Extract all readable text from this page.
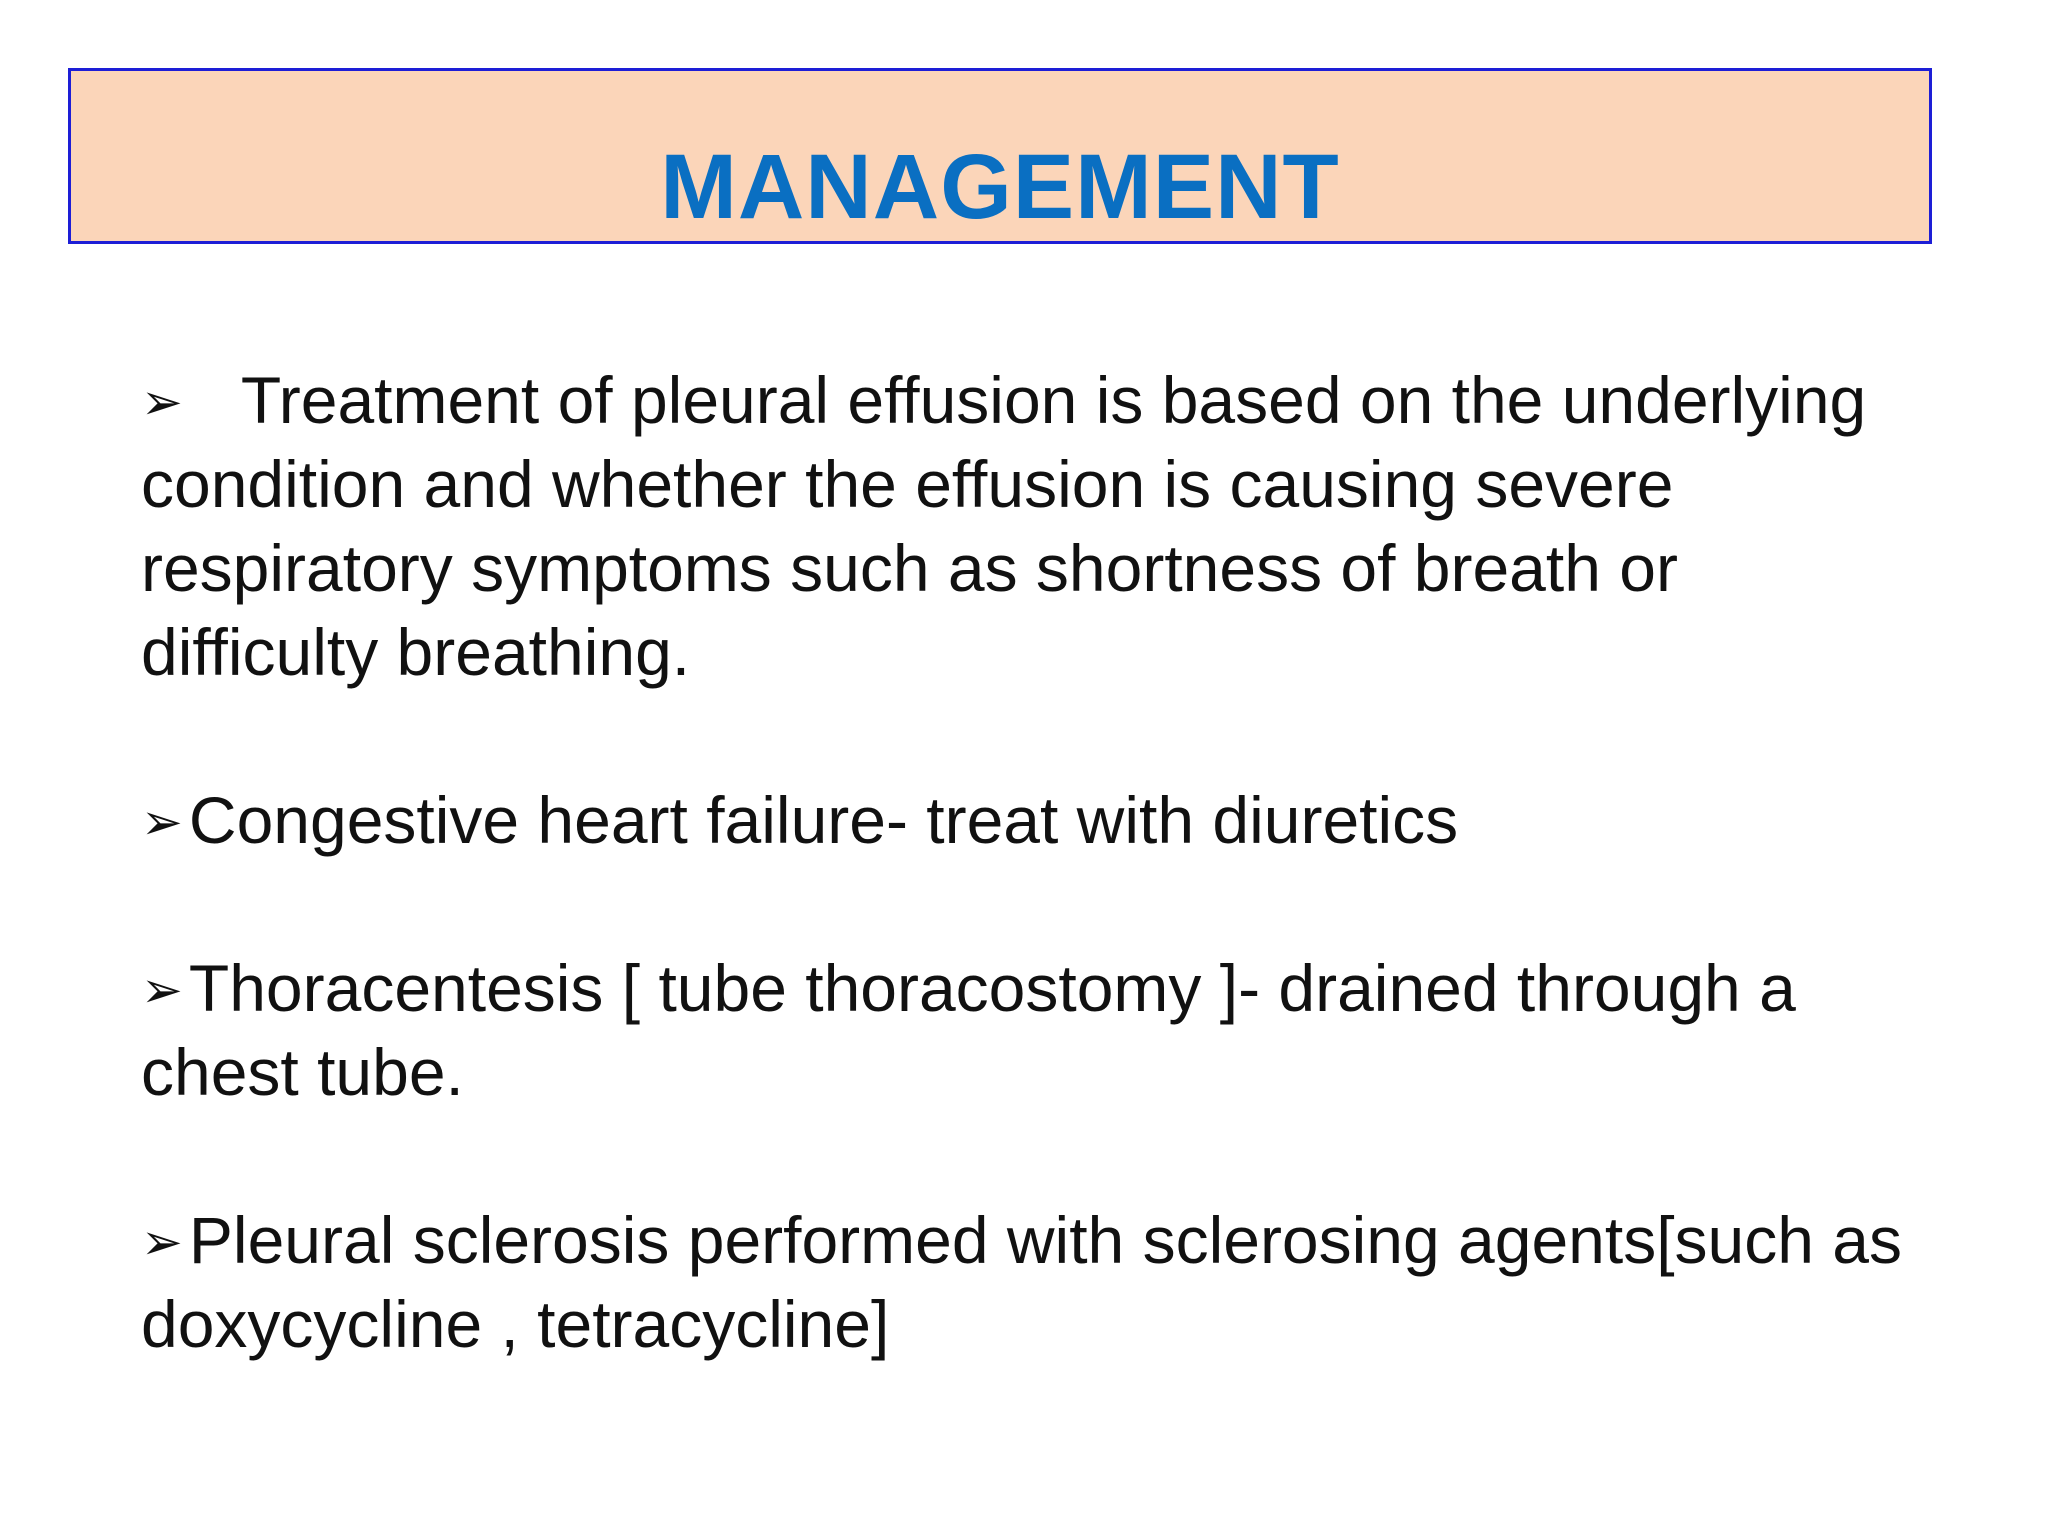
MANAGEMENT
➢ Treatment of pleural effusion is based on the underlying condition and whether the effusion is causing severe respiratory symptoms such as shortness of breath or difficulty breathing.
➢Congestive heart failure- treat with diuretics
➢Thoracentesis [ tube thoracostomy ]- drained through a chest tube.
➢Pleural sclerosis performed with sclerosing agents[such as doxycycline , tetracycline]
